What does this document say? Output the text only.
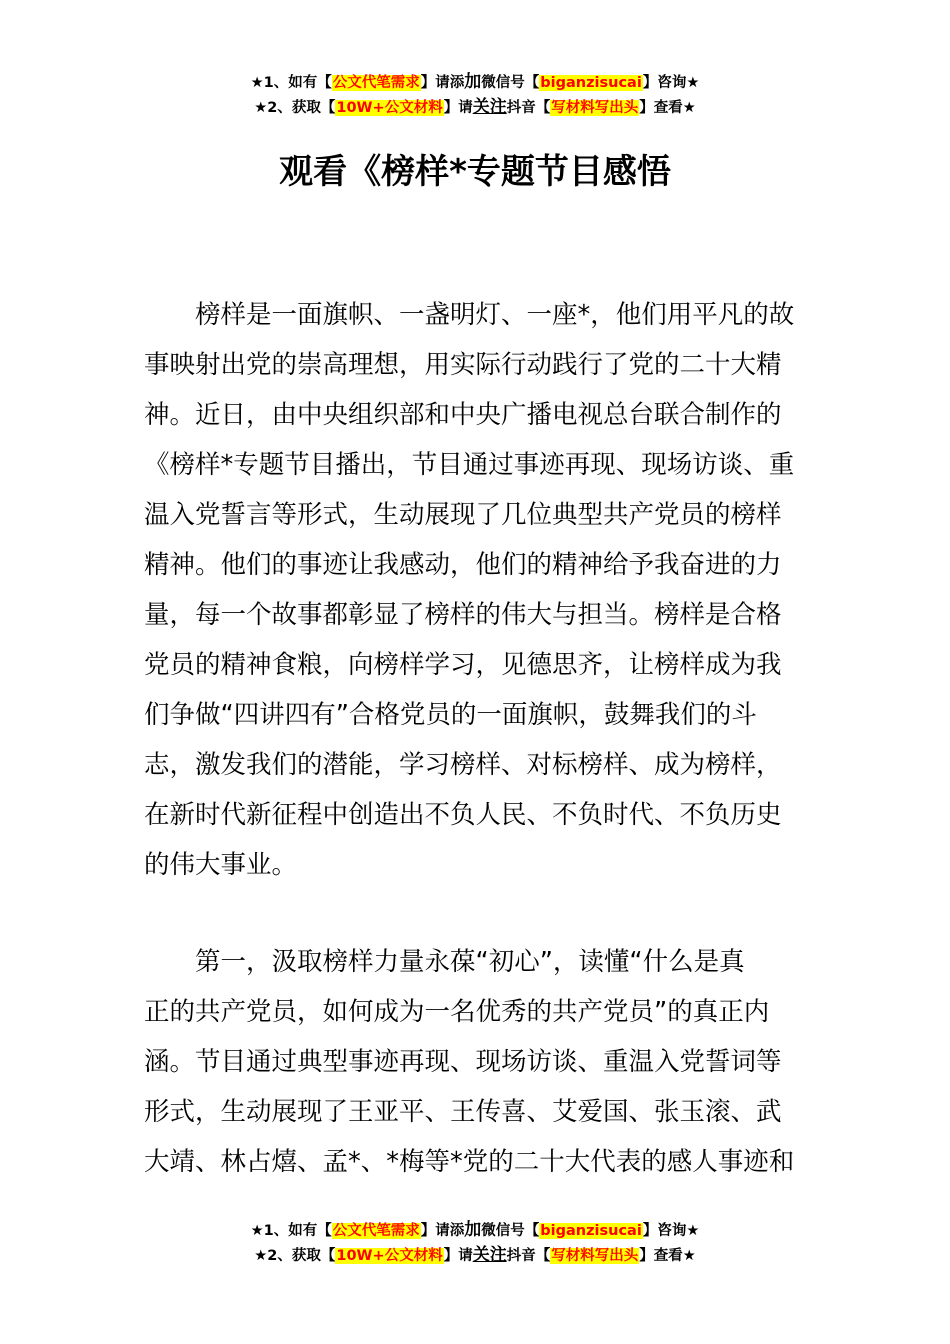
★1、如有【公文代笔需求】请添加微信号【biganzisucai】咨询★
★2、获取【10W+公文材料】请关注抖音【写材料写出头】查看★
观看《榜样*专题节目感悟
　　榜样是一面旗帜、一盏明灯、一座*，他们用平凡的故
事映射出党的崇高理想，用实际行动践行了党的二十大精
神。近日，由中央组织部和中央广播电视总台联合制作的
《榜样*专题节目播出，节目通过事迹再现、现场访谈、重
温入党誓言等形式，生动展现了几位典型共产党员的榜样
精神。他们的事迹让我感动，他们的精神给予我奋进的力
量，每一个故事都彰显了榜样的伟大与担当。榜样是合格
党员的精神食粮，向榜样学习，见德思齐，让榜样成为我
们争做“四讲四有”合格党员的一面旗帜，鼓舞我们的斗
志，激发我们的潜能，学习榜样、对标榜样、成为榜样，
在新时代新征程中创造出不负人民、不负时代、不负历史
的伟大事业。
　　第一，汲取榜样力量永葆“初心”，读懂“什么是真
正的共产党员，如何成为一名优秀的共产党员”的真正内
涵。节目通过典型事迹再现、现场访谈、重温入党誓词等
形式，生动展现了王亚平、王传喜、艾爱国、张玉滚、武
大靖、林占熺、孟*、*梅等*党的二十大代表的感人事迹和
★1、如有【公文代笔需求】请添加微信号【biganzisucai】咨询★
★2、获取【10W+公文材料】请关注抖音【写材料写出头】查看★
